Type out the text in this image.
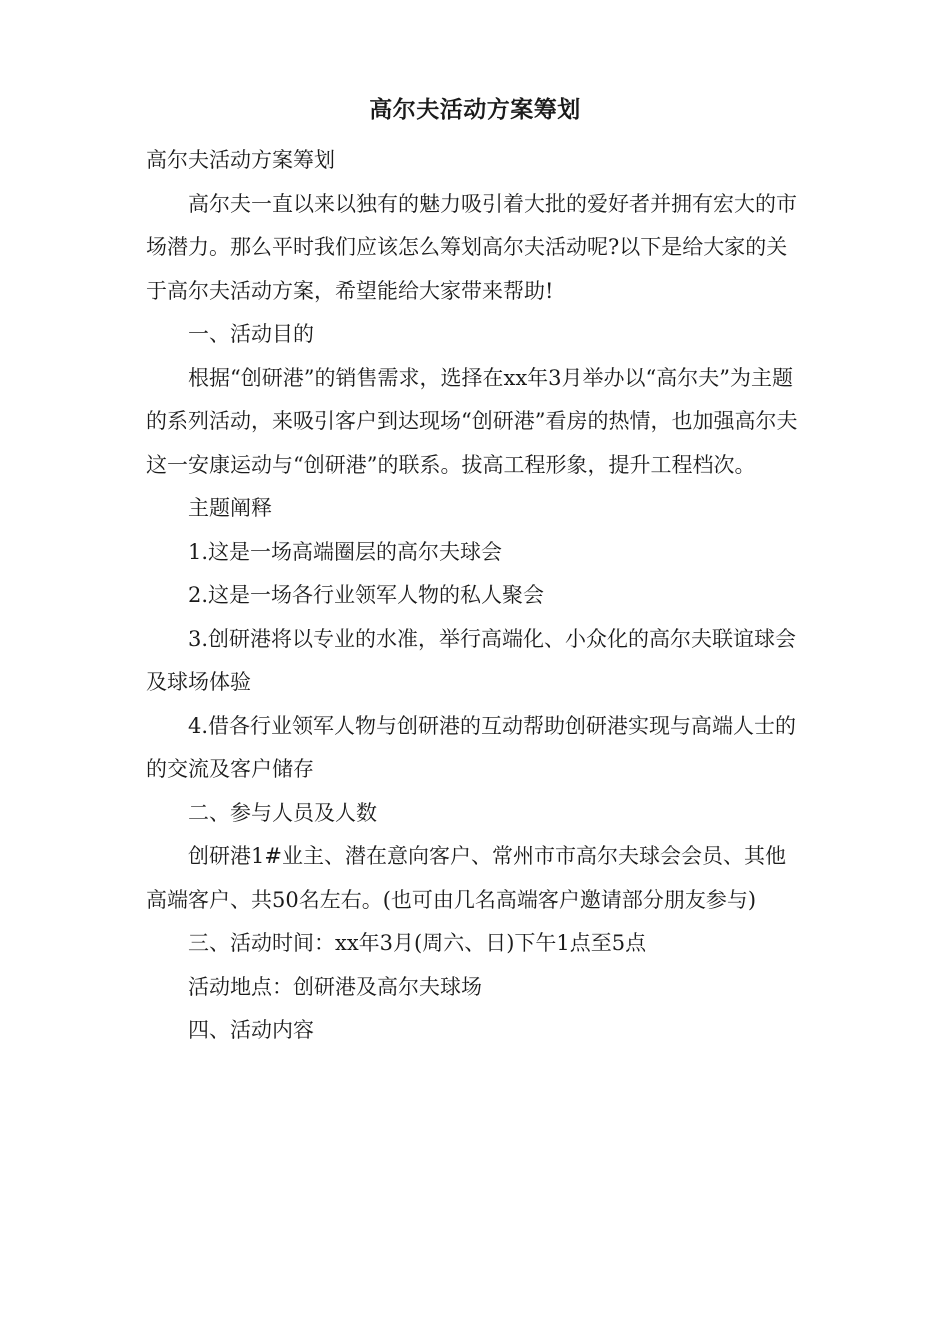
高尔夫活动方案筹划

高尔夫活动方案筹划

高尔夫一直以来以独有的魅力吸引着大批的爱好者并拥有宏大的市场潜力。那么平时我们应该怎么筹划高尔夫活动呢?以下是给大家的关于高尔夫活动方案，希望能给大家带来帮助!

一、活动目的

根据“创研港”的销售需求，选择在xx年3月举办以“高尔夫”为主题的系列活动，来吸引客户到达现场“创研港”看房的热情，也加强高尔夫这一安康运动与“创研港”的联系。拔高工程形象，提升工程档次。

主题阐释

1.这是一场高端圈层的高尔夫球会

2.这是一场各行业领军人物的私人聚会

3.创研港将以专业的水准，举行高端化、小众化的高尔夫联谊球会及球场体验

4.借各行业领军人物与创研港的互动帮助创研港实现与高端人士的的交流及客户储存

二、参与人员及人数

创研港1#业主、潜在意向客户、常州市市高尔夫球会会员、其他高端客户、共50名左右。(也可由几名高端客户邀请部分朋友参与)

三、活动时间：xx年3月(周六、日)下午1点至5点

活动地点：创研港及高尔夫球场

四、活动内容
